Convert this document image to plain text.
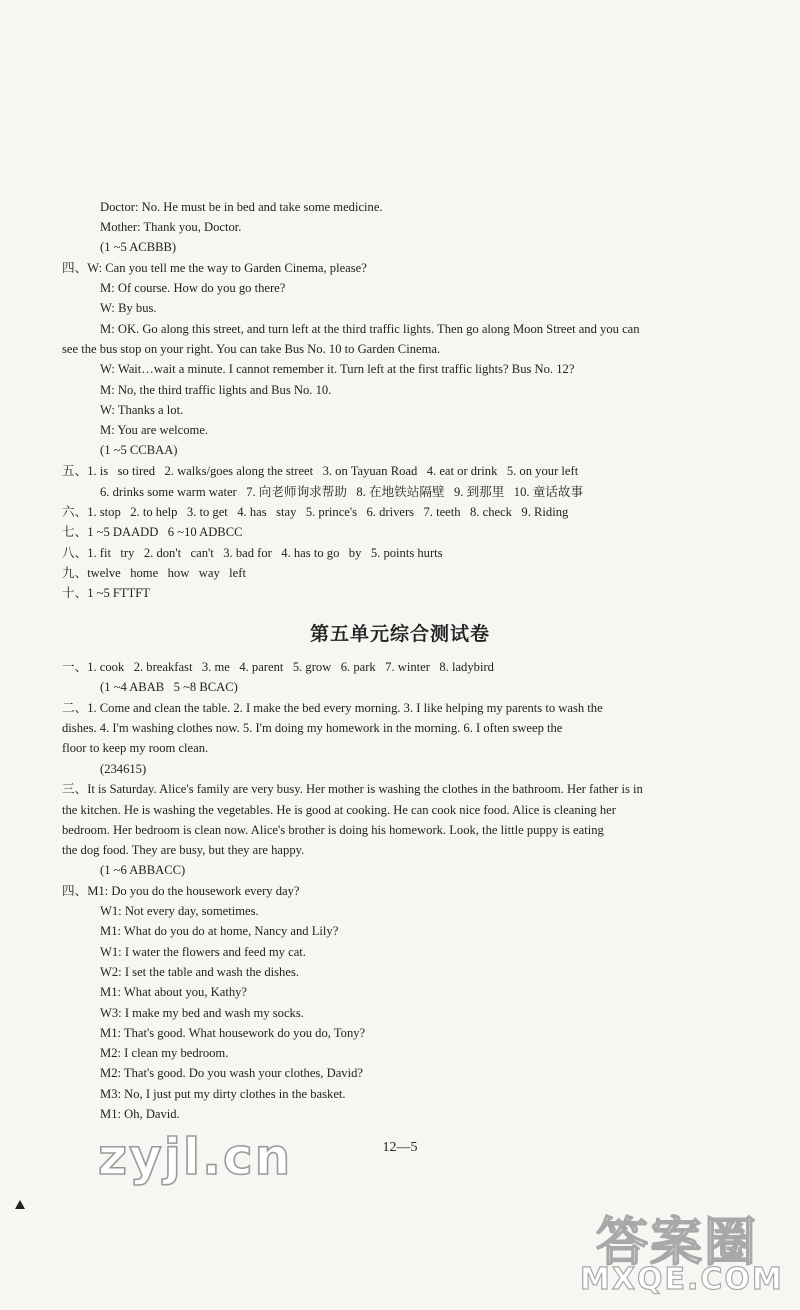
Doctor: No. He must be in bed and take some medicine.
Mother: Thank you, Doctor.
(1 ~5 ACBBB)
四、W: Can you tell me the way to Garden Cinema, please?
M: Of course. How do you go there?
W: By bus.
M: OK. Go along this street, and turn left at the third traffic lights. Then go along Moon Street and you can
see the bus stop on your right. You can take Bus No. 10 to Garden Cinema.
W: Wait…wait a minute. I cannot remember it. Turn left at the first traffic lights? Bus No. 12?
M: No, the third traffic lights and Bus No. 10.
W: Thanks a lot.
M: You are welcome.
(1 ~5 CCBAA)
五、1. is   so tired   2. walks/goes along the street   3. on Tayuan Road   4. eat or drink   5. on your left
6. drinks some warm water   7. 向老师询求帮助   8. 在地铁站隔壁   9. 到那里   10. 童话故事
六、1. stop   2. to help   3. to get   4. has   stay   5. prince's   6. drivers   7. teeth   8. check   9. Riding
七、1 ~5 DAADD   6 ~10 ADBCC
八、1. fit   try   2. don't   can't   3. bad for   4. has to go   by   5. points hurts
九、twelve   home   how   way   left
十、1 ~5 FTTFT
第五单元综合测试卷
一、1. cook   2. breakfast   3. me   4. parent   5. grow   6. park   7. winter   8. ladybird
(1 ~4 ABAB   5 ~8 BCAC)
二、1. Come and clean the table. 2. I make the bed every morning. 3. I like helping my parents to wash the
dishes. 4. I'm washing clothes now. 5. I'm doing my homework in the morning. 6. I often sweep the
floor to keep my room clean.
(234615)
三、It is Saturday. Alice's family are very busy. Her mother is washing the clothes in the bathroom. Her father is in
the kitchen. He is washing the vegetables. He is good at cooking. He can cook nice food. Alice is cleaning her
bedroom. Her bedroom is clean now. Alice's brother is doing his homework. Look, the little puppy is eating
the dog food. They are busy, but they are happy.
(1 ~6 ABBACC)
四、M1: Do you do the housework every day?
W1: Not every day, sometimes.
M1: What do you do at home, Nancy and Lily?
W1: I water the flowers and feed my cat.
W2: I set the table and wash the dishes.
M1: What about you, Kathy?
W3: I make my bed and wash my socks.
M1: That's good. What housework do you do, Tony?
M2: I clean my bedroom.
M2: That's good. Do you wash your clothes, David?
M3: No, I just put my dirty clothes in the basket.
M1: Oh, David.
zyjl.cn	12—5
答案圈
MXQE.COM
